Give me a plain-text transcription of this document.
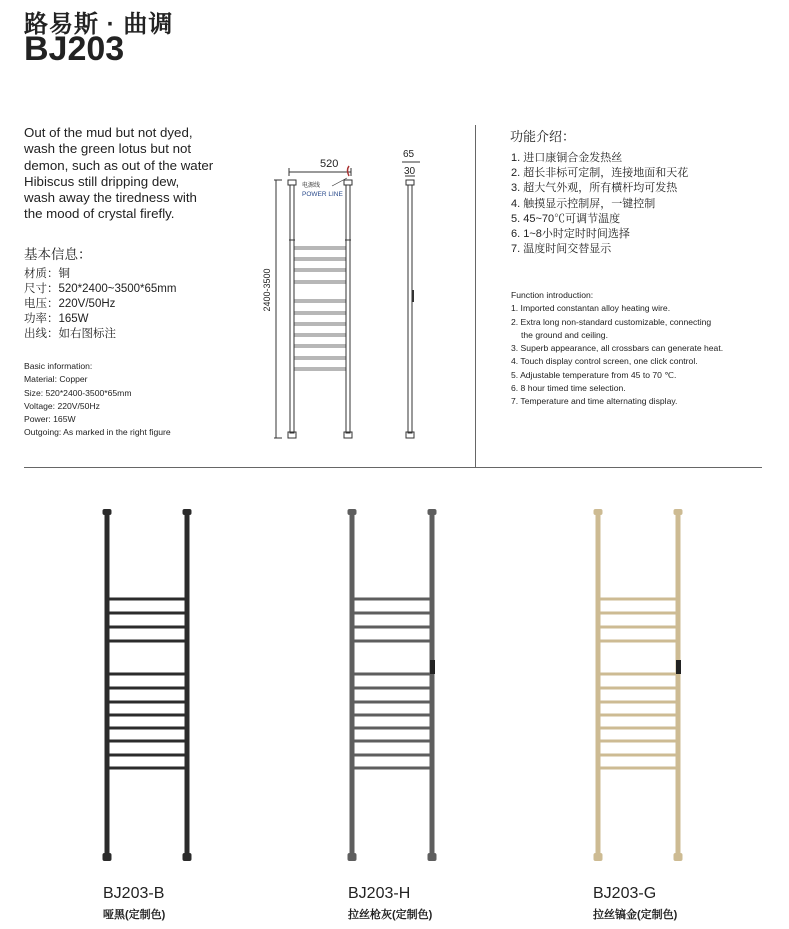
路易斯 · 曲调
BJ203
Out of the mud but not dyed,
wash the green lotus but not
demon, such as out of the water
Hibiscus still dripping dew,
wash away the tiredness with
the mood of crystal firefly.
基本信息：
材质：铜
尺寸：520*2400~3500*65mm
电压：220V/50Hz
功率：165W
出线：如右图标注
Basic information:
Material: Copper
Size: 520*2400-3500*65mm
Voltage: 220V/50Hz
Power: 165W
Outgoing: As marked in the right figure
功能介绍：
1. 进口康铜合金发热丝
2. 超长非标可定制，连接地面和天花
3. 超大气外观，所有横杆均可发热
4. 触摸显示控制屏，一键控制
5. 45~70℃可调节温度
6. 1~8小时定时时间选择
7. 温度时间交替显示
Function introduction:
1. Imported constantan alloy heating wire.
2. Extra long non-standard customizable, connecting
the ground and ceiling.
3. Superb appearance, all crossbars can generate heat.
4. Touch display control screen, one click control.
5. Adjustable temperature from 45 to 70 ℃.
6. 8 hour timed time selection.
7. Temperature and time alternating display.
520
2400-3500
65
30
电源线
POWER LINE
BJ203-B
哑黑(定制色)
BJ203-H
拉丝枪灰(定制色)
BJ203-G
拉丝镐金(定制色)
